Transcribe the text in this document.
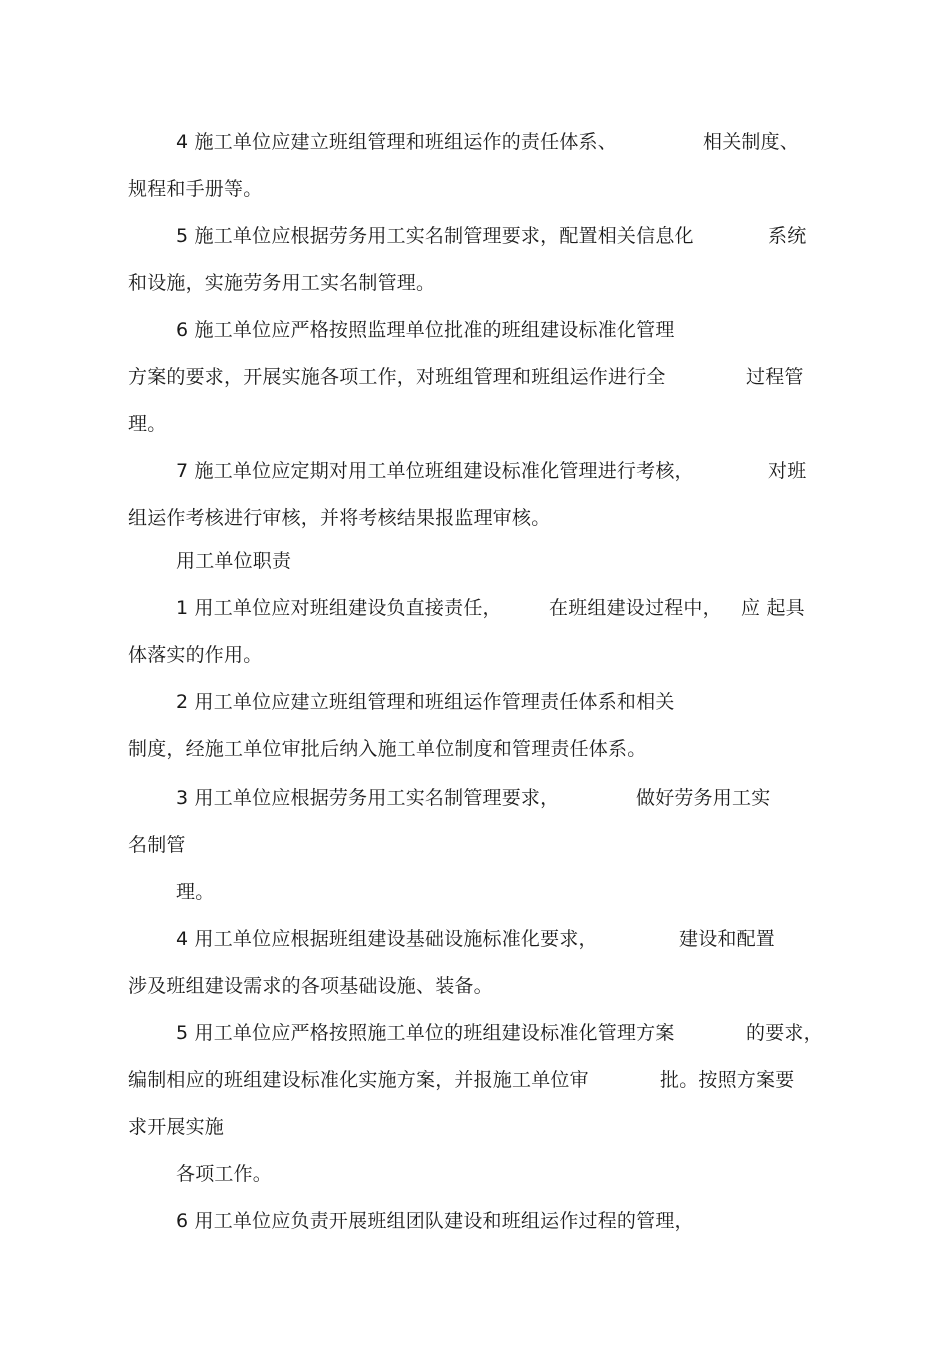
4 施工单位应建立班组管理和班组运作的责任体系、	相关制度、
规程和手册等。
5 施工单位应根据劳务用工实名制管理要求，配置相关信息化	系统
和设施，实施劳务用工实名制管理。
6 施工单位应严格按照监理单位批准的班组建设标准化管理
方案的要求，开展实施各项工作，对班组管理和班组运作进行全	过程管
理。
7 施工单位应定期对用工单位班组建设标准化管理进行考核，	对班
组运作考核进行审核，并将考核结果报监理审核。
用工单位职责
1 用工单位应对班组建设负直接责任， 在班组建设过程中， 应 起具
体落实的作用。
2 用工单位应建立班组管理和班组运作管理责任体系和相关
制度，经施工单位审批后纳入施工单位制度和管理责任体系。
3 用工单位应根据劳务用工实名制管理要求，	做好劳务用工实
名制管
理。
4 用工单位应根据班组建设基础设施标准化要求，	建设和配置
涉及班组建设需求的各项基础设施、装备。
5 用工单位应严格按照施工单位的班组建设标准化管理方案	的要求，
编制相应的班组建设标准化实施方案，并报施工单位审	批。按照方案要
求开展实施
各项工作。
6 用工单位应负责开展班组团队建设和班组运作过程的管理，
